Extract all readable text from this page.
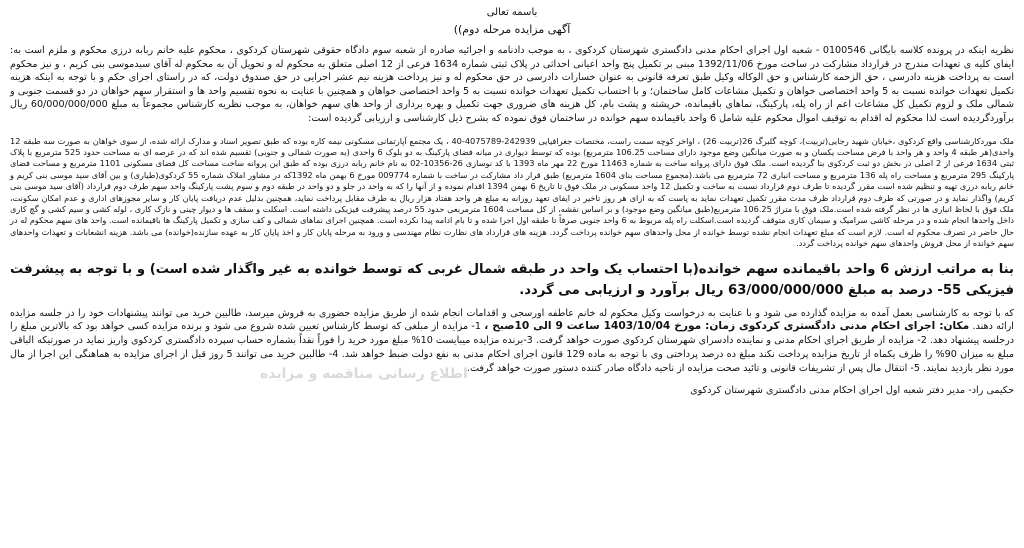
باسمه تعالی

آگهی مزایده مرحله دوم))

نظریه اینکه در پرونده کلاسه بایگانی 0100546 - شعبه اول اجرای احکام مدنی دادگستری شهرستان کردکوی ، به موجب دادنامه و اجرائیه صادره از شعبه سوم دادگاه حقوقی شهرستان کردکوی ، محکوم علیه خانم ربابه درزی محکوم و ملزم است به: ایفای کلیه ی تعهدات مندرج در قرارداد مشارکت در ساخت مورخ 1392/11/06 مبنی بر تکمیل پنج واحد اعیانی احداثی در پلاک ثبتی شماره 1634 فرعی از 12 اصلی متعلق به محکوم له و تحویل آن به محکوم له آقای سیدموسی بنی کریم ، و نیز محکوم است به پرداخت هزینه دادرسی ، حق الزحمه کارشناس و حق الوکاله وکیل طبق تعرفه قانونی به عنوان خسارات دادرسی در حق محکوم له و نیز پرداخت هزینه نیم عشر اجرایی در حق صندوق دولت، که در راستای اجرای حکم و با توجه به اینکه هزینه تکمیل تعهدات خوانده نسبت به 5 واحد اختصاصی خواهان و تکمیل مشاعات کامل ساختمان؛ و با احتساب تکمیل تعهدات خوانده نسبت به 5 واحد اختصاصی خواهان و همچنین با عنایت به نحوه تقسیم واحد ها و استقرار سهم خواهان در دو قسمت جنوبی و شمالی ملک و لزوم تکمیل کل مشاعات اعم از راه پله، پارکینگ، نماهای باقیمانده، خرپشته و پشت بام، کل هزینه های ضروری جهت تکمیل و بهره برداری از واحد های سهم خواهان، به موجب نظریه کارشناس مجموعاً به مبلغ 60/000/000/000 ریال برآوردگردیده است لذا محکوم له اقدام به توقیف اموال محکوم علیه شامل 6 واحد باقیمانده سهم خوانده در ساختمان فوق نموده که بشرح ذیل کارشناسی و ارزیابی گردیده است:

ملک موردکارشناسی واقع کردکوی ،خیابان شهید رجایی(تربیت)، کوچه گلبرگ 26(تربیت 26) ، اواخر کوچه سمت راست، مختصات جغرافیایی 242939-4075789-40 ، یک مجتمع آپارتمانی مسکونی نیمه کاره بوده که طبق تصویر اسناد و مدارک ارائه شده، از سوی خواهان به صورت سه طبقه 12 واحدی(هر طبقه 4 واحد و هر واحد با فرض مساحت یکسان و به صورت میانگین وضع موجود دارای مساحت 106.25 مترمربع) بوده که توسط دیواری در میانه فضای پارکینگ به دو بلوک 6 واحدی (به صورت شمالی و جنوبی) تقسیم شده اند که در عرصه ای به مساحت حدود 525 مترمربع با پلاک ثبتی 1634 فرعی از 2 اصلی در بخش دو ثبت کردکوی بنا گردیده است. ملک فوق دارای پروانه ساخت به شماره 11463 مورخ 22 مهر ماه 1393 با کد نوسازی 26-10356-02 به نام خانم ربابه درزی بوده که طبق این پروانه ساخت مساحت کل فضای مسکونی 1101 مترمربع و مساحت فضای پارکینگ 295 مترمربع و مساحت راه پله 136 مترمربع و مساحت انباری 72 مترمربع می باشد.(مجموع مساحت بنای 1604 مترمربع) طبق قرار داد مشارکت در ساخت با شماره 009774 مورخ 6 بهمن ماه 1392که در مشاور املاک شماره 55 کردکوی(طیاری) و بین آقای سید موسی بنی کریم و خانم ربابه درزی تهیه و تنظیم شده است مقرر گردیده تا طرف دوم قرارداد نسبت به ساخت و تکمیل 12 واحد مسکونی در ملک فوق تا تاریخ 6 بهمن 1394 اقدام نموده و از آنها را که به واحد در جلو و دو واحد در طبقه دوم و سوم پشت پارکینگ واحد سهم طرف دوم قرارداد (آقای سید موسی بنی کریم) واگذار نماید و در صورتی که طرف دوم قرارداد ظرف مدت مقرر تکمیل تعهدات نماید به پاست که به ازای هر روز تاخیر در ایفای تعهد روزانه به مبلغ هر واحد هفتاد هزار ریال به طرف مقابل پرداخت نماید، همچنین بدلیل عدم دریافت پایان کار و سایر مجوزهای اداری و عدم امکان سکونت، ملک فوق با لحاظ انباری ها در نظر گرفته شده است.ملک فوق با متراژ 106.25 مترمربع(طبق میانگین وضع موجود) و بر اساس نقشه، از کل مساحت 1604 مترمربعی حدود 55 درصد پیشرفت فیزیکی داشته است. اسکلت و سقف ها و دیوار چینی و نازک کاری ، لوله کشی و سیم کشی و گچ کاری داخل واحدها انجام شده و در مرحله کاشی سرامیک و سیمان کاری متوقف گردیده است.اسکلت راه پله مربوط به 6 واحد جنوبی صرفاً تا طبقه اول اجرا شده و تا بام ادامه پیدا نکرده است. همچنین اجرای نماهای شمالی و کف سازی و تکمیل پارکینگ ها باقیمانده است. واحد های سهم محکوم له در حال حاضر در تصرف محکوم له است. لازم است که مبلغ تعهدات انجام نشده توسط خوانده از محل واحدهای سهم خوانده پرداخت گردد. هزینه های قرارداد های نظارت نظام مهندسی و ورود به مرحله پایان کار و اخذ پایان کار به عهده سازنده(خوانده) می باشد. هزینه انشعابات و تعهدات واحدهای سهم خوانده از محل فروش واحدهای سهم خوانده پرداخت گردد.

بنا به مراتب ارزش 6 واحد باقیمانده سهم خوانده(با احتساب یک واحد در طبقه شمال غربی که توسط خوانده به غیر واگذار شده است) و با توجه به پیشرفت فیزیکی 55- درصد به مبلغ 63/000/000/000 ریال برآورد و ارزیابی می گردد.

که با توجه به کارشناسی بعمل آمده به مزایده گذارده می شود و با عنایت به درخواست وکیل محکوم له خانم عاطفه اورسجی و اقدامات انجام شده از طریق مزایده حضوری به فروش میرسد، طالبین خرید می توانند پیشنهادات خود را در جلسه مزایده ارائه دهند. مکان: اجرای احکام مدنی دادگستری کردکوی زمان: مورخ 1403/10/04 ساعت 9 الی 10صبح ، 1- مزایده از مبلغی که توسط کارشناس تعیین شده شروع می شود و برنده مزایده کسی خواهد بود که بالاترین مبلغ را درجلسه پیشنهاد دهد. 2- مزایده از طریق اجرای احکام مدنی و نماینده دادسرای شهرستان کردکوی صورت خواهد گرفت. 3-برنده مزایده میبایست 10% مبلغ مورد خرید را فوراً نقداً بشماره حساب سپرده دادگستری کردکوی واریز نماید در صورتیکه الباقی مبلغ به میزان 90% را ظرف یکماه از تاریخ مزایده پرداخت نکند مبلغ ده درصد پرداختی وی با توجه به ماده 129 قانون اجرای احکام مدنی به نفع دولت ضبط خواهد شد. 4- طالبین خرید می توانند 5 روز قبل از اجرای مزایده به هماهنگی این اجرا از مال مورد نظر بازدید نمایند. 5- انتقال مال پس از تشریفات قانونی و تائید صحت مزایده از ناحیه دادگاه صادر کننده دستور صورت خواهد گرفت.

حکیمی راد- مدیر دفتر شعبه اول اجرای احکام مدنی دادگستری شهرستان کردکوی

اطلاع رسانی مناقصه و مزایده
